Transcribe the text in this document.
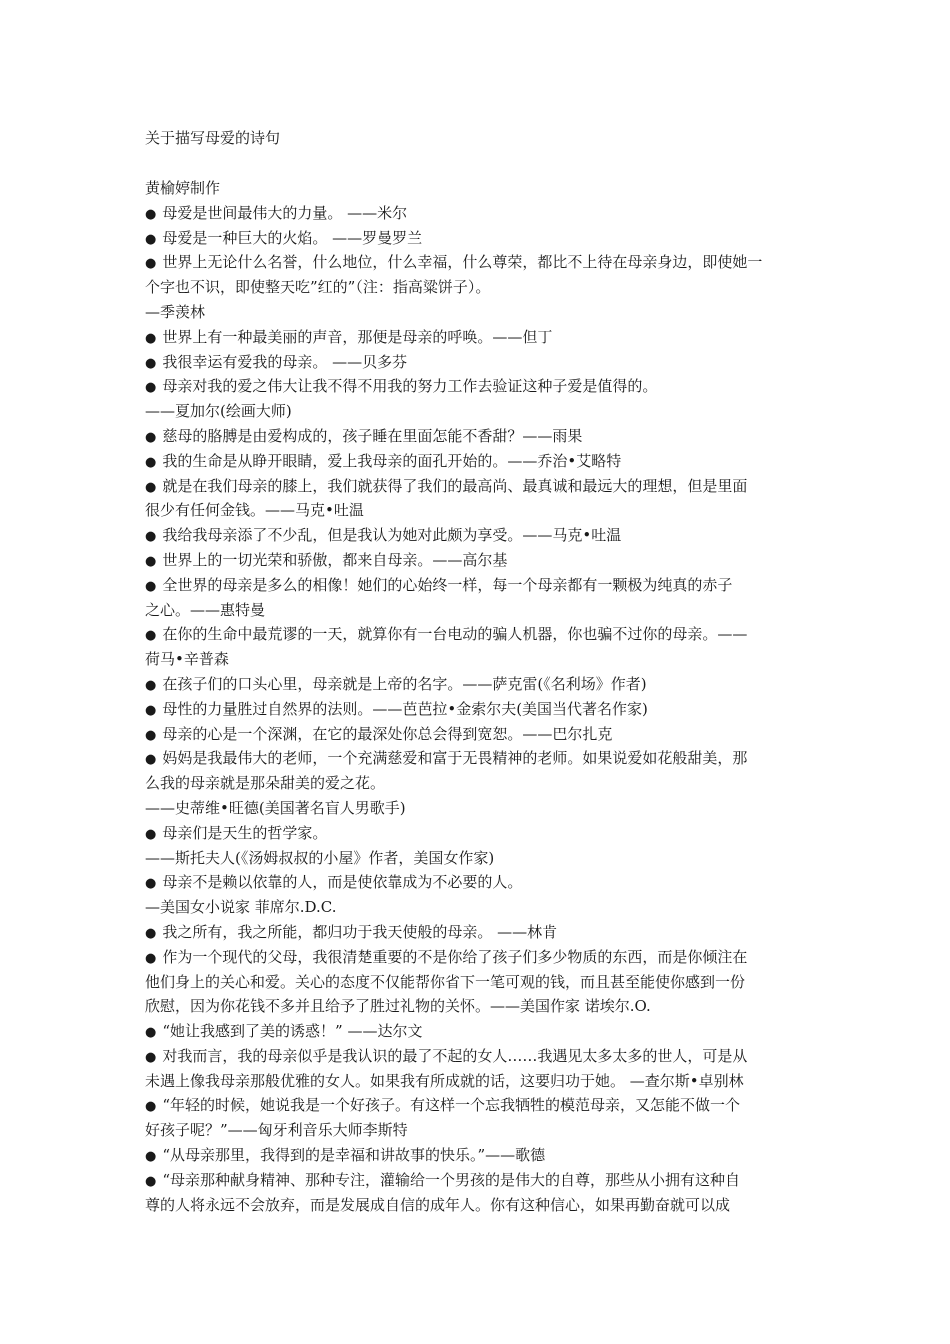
关于描写母爱的诗句
黄榆婷制作
● 母爱是世间最伟大的力量。 ——米尔
● 母爱是一种巨大的火焰。 ——罗曼罗兰
● 世界上无论什么名誉，什么地位，什么幸福，什么尊荣，都比不上待在母亲身边，即使她一
个字也不识，即使整天吃”红的”（注：指高粱饼子）。
—季羡林
● 世界上有一种最美丽的声音，那便是母亲的呼唤。——但丁
● 我很幸运有爱我的母亲。 ——贝多芬
● 母亲对我的爱之伟大让我不得不用我的努力工作去验证这种子爱是值得的。
——夏加尔(绘画大师)
● 慈母的胳膊是由爱构成的，孩子睡在里面怎能不香甜？——雨果
● 我的生命是从睁开眼睛，爱上我母亲的面孔开始的。——乔治•艾略特
● 就是在我们母亲的膝上，我们就获得了我们的最高尚、最真诚和最远大的理想，但是里面
很少有任何金钱。——马克•吐温
● 我给我母亲添了不少乱，但是我认为她对此颇为享受。——马克•吐温
● 世界上的一切光荣和骄傲，都来自母亲。——高尔基
● 全世界的母亲是多么的相像！她们的心始终一样，每一个母亲都有一颗极为纯真的赤子
之心。——惠特曼
● 在你的生命中最荒谬的一天，就算你有一台电动的骗人机器，你也骗不过你的母亲。——
荷马•辛普森
● 在孩子们的口头心里，母亲就是上帝的名字。——萨克雷(《名利场》作者)
● 母性的力量胜过自然界的法则。——芭芭拉•金索尔夫(美国当代著名作家)
● 母亲的心是一个深渊，在它的最深处你总会得到宽恕。——巴尔扎克
● 妈妈是我最伟大的老师，一个充满慈爱和富于无畏精神的老师。如果说爱如花般甜美，那
么我的母亲就是那朵甜美的爱之花。
——史蒂维•旺德(美国著名盲人男歌手)
● 母亲们是天生的哲学家。
——斯托夫人(《汤姆叔叔的小屋》作者，美国女作家)
● 母亲不是赖以依靠的人，而是使依靠成为不必要的人。
—美国女小说家 菲席尔.D.C.
● 我之所有，我之所能，都归功于我天使般的母亲。 ——林肯
● 作为一个现代的父母，我很清楚重要的不是你给了孩子们多少物质的东西，而是你倾注在
他们身上的关心和爱。关心的态度不仅能帮你省下一笔可观的钱，而且甚至能使你感到一份
欣慰，因为你花钱不多并且给予了胜过礼物的关怀。——美国作家 诺埃尔.O.
● “她让我感到了美的诱惑！” ——达尔文
● 对我而言，我的母亲似乎是我认识的最了不起的女人……我遇见太多太多的世人，可是从
未遇上像我母亲那般优雅的女人。如果我有所成就的话，这要归功于她。 —查尔斯•卓别林
● “年轻的时候，她说我是一个好孩子。有这样一个忘我牺牲的模范母亲，又怎能不做一个
好孩子呢？”——匈牙利音乐大师李斯特
● “从母亲那里，我得到的是幸福和讲故事的快乐。”——歌德
● “母亲那种献身精神、那种专注，灌输给一个男孩的是伟大的自尊，那些从小拥有这种自
尊的人将永远不会放弃，而是发展成自信的成年人。你有这种信心，如果再勤奋就可以成
